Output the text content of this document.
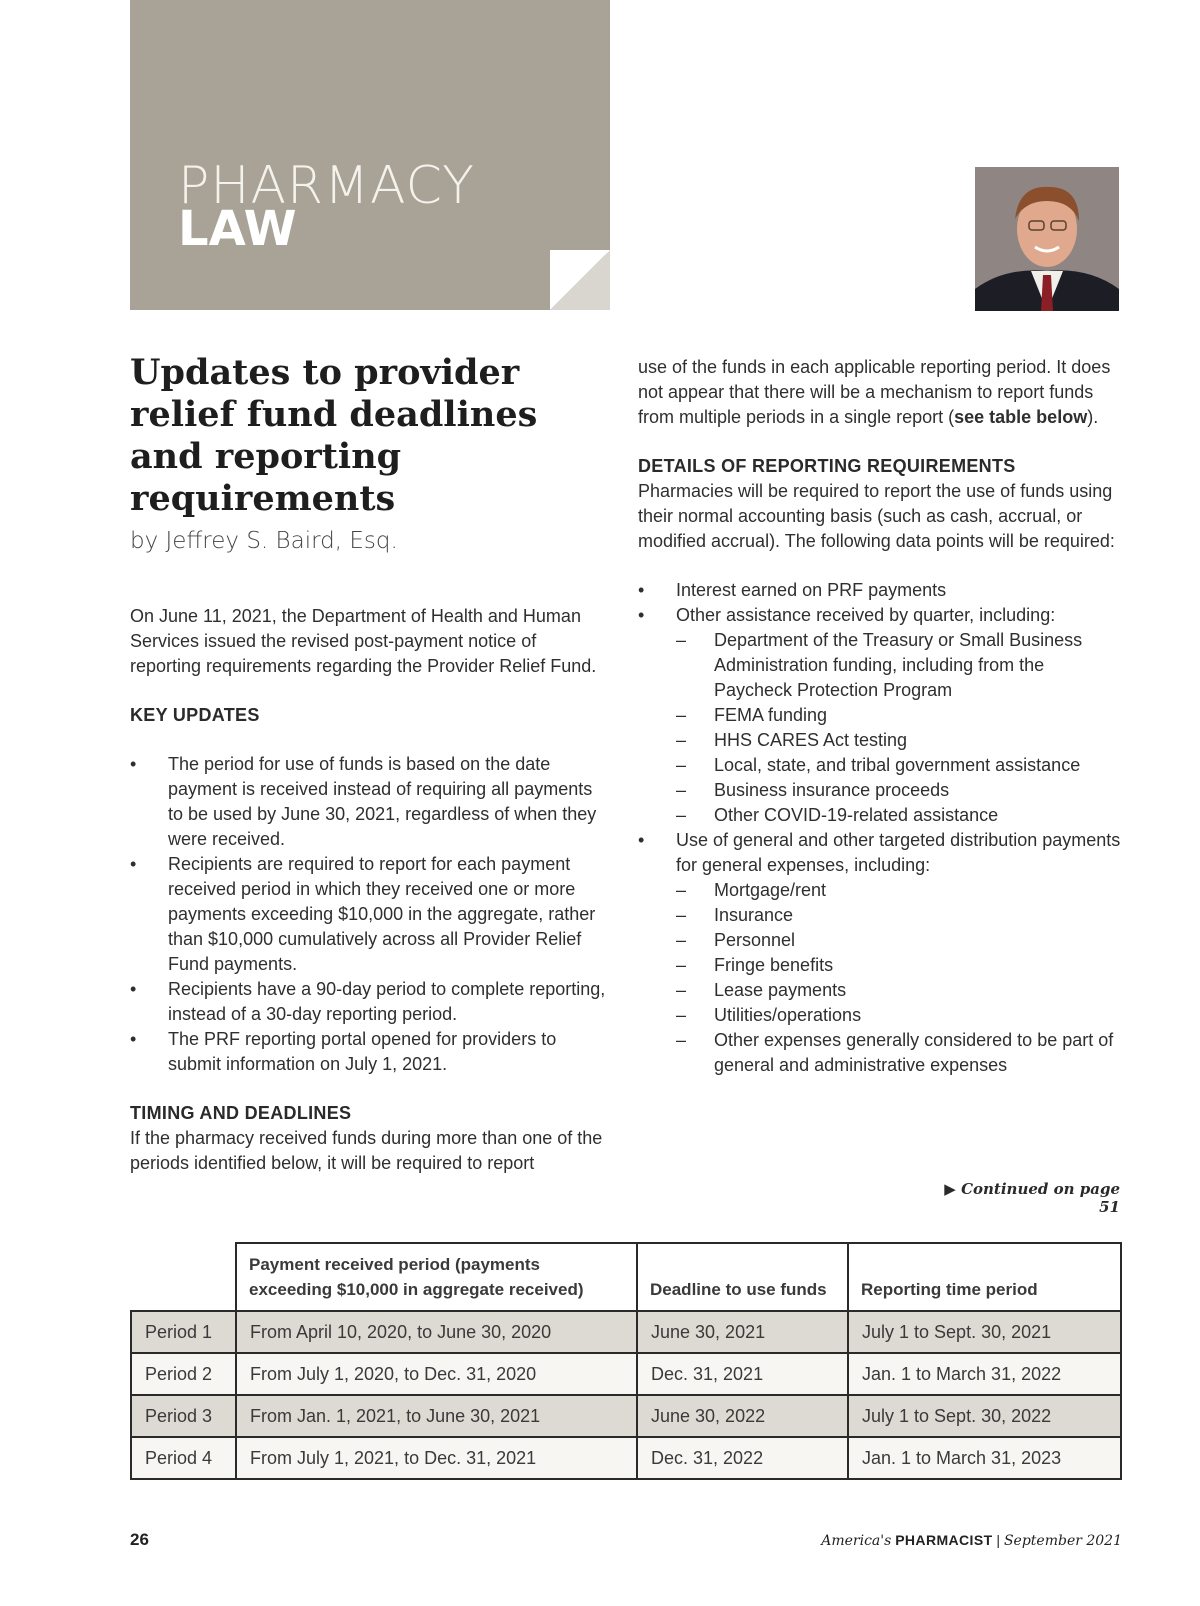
PHARMACY
LAW
Updates to provider relief fund deadlines and reporting requirements

by Jeffrey S. Baird, Esq.

On June 11, 2021, the Department of Health and Human Services issued the revised post-payment notice of reporting requirements regarding the Provider Relief Fund.

KEY UPDATES
• The period for use of funds is based on the date payment is received instead of requiring all payments to be used by June 30, 2021, regardless of when they were received.
• Recipients are required to report for each payment received period in which they received one or more payments exceeding $10,000 in the aggregate, rather than $10,000 cumulatively across all Provider Relief Fund payments.
• Recipients have a 90-day period to complete reporting, instead of a 30-day reporting period.
• The PRF reporting portal opened for providers to submit information on July 1, 2021.
TIMING AND DEADLINES

If the pharmacy received funds during more than one of the periods identified below, it will be required to report

use of the funds in each applicable reporting period. It does not appear that there will be a mechanism to report funds from multiple periods in a single report (see table below).

DETAILS OF REPORTING REQUIREMENTS

Pharmacies will be required to report the use of funds using their normal accounting basis (such as cash, accrual, or modified accrual). The following data points will be required:

• Interest earned on PRF payments
• Other assistance received by quarter, including:
– Department of the Treasury or Small Business Administration funding, including from the Paycheck Protection Program
– FEMA funding
– HHS CARES Act testing
– Local, state, and tribal government assistance
– Business insurance proceeds
– Other COVID-19-related assistance
• Use of general and other targeted distribution payments for general expenses, including:
– Mortgage/rent
– Insurance
– Personnel
– Fringe benefits
– Lease payments
– Utilities/operations
– Other expenses generally considered to be part of general and administrative expenses
▶ Continued on page 51
	Payment received period (payments exceeding $10,000 in aggregate received)	Deadline to use funds	Reporting time period
Period 1	From April 10, 2020, to June 30, 2020	June 30, 2021	July 1 to Sept. 30, 2021
Period 2	From July 1, 2020, to Dec. 31, 2020	Dec. 31, 2021	Jan. 1 to March 31, 2022
Period 3	From Jan. 1, 2021, to June 30, 2021	June 30, 2022	July 1 to Sept. 30, 2022
Period 4	From July 1, 2021, to Dec. 31, 2021	Dec. 31, 2022	Jan. 1 to March 31, 2023
26	America's PHARMACIST | September 2021
